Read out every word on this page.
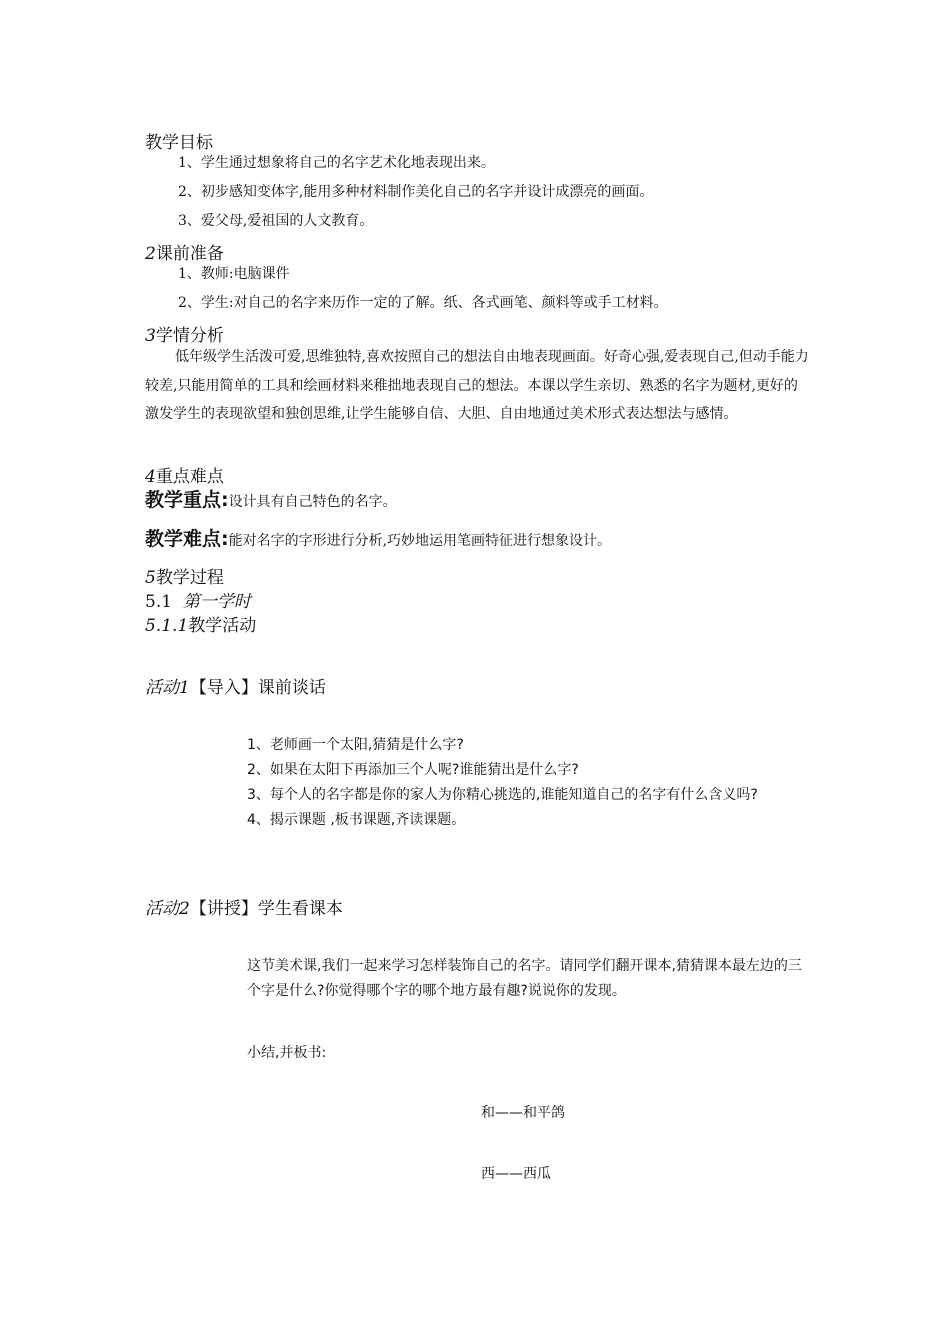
教学目标
1、学生通过想象将自己的名字艺术化地表现出来。
2、初步感知变体字,能用多种材料制作美化自己的名字并设计成漂亮的画面。
3、爱父母,爱祖国的人文教育。
2课前准备
1、教师:电脑课件
2、学生:对自己的名字来历作一定的了解。纸、各式画笔、颜料等或手工材料。
3学情分析
低年级学生活泼可爱,思维独特,喜欢按照自己的想法自由地表现画面。好奇心强,爱表现自己,但动手能力较差,只能用简单的工具和绘画材料来稚拙地表现自己的想法。本课以学生亲切、熟悉的名字为题材,更好的激发学生的表现欲望和独创思维,让学生能够自信、大胆、自由地通过美术形式表达想法与感情。
4重点难点
教学重点:设计具有自己特色的名字。
教学难点:能对名字的字形进行分析,巧妙地运用笔画特征进行想象设计。
5教学过程
5.1 第一学时
5.1.1教学活动
活动1【导入】课前谈话
1、老师画一个太阳,猜猜是什么字?
2、如果在太阳下再添加三个人呢?谁能猜出是什么字?
3、每个人的名字都是你的家人为你精心挑选的,谁能知道自己的名字有什么含义吗?
4、揭示课题 ,板书课题,齐读课题。
活动2【讲授】学生看课本
这节美术课,我们一起来学习怎样装饰自己的名字。请同学们翻开课本,猜猜课本最左边的三个字是什么?你觉得哪个字的哪个地方最有趣?说说你的发现。
小结,并板书:
和——和平鸽
西——西瓜
